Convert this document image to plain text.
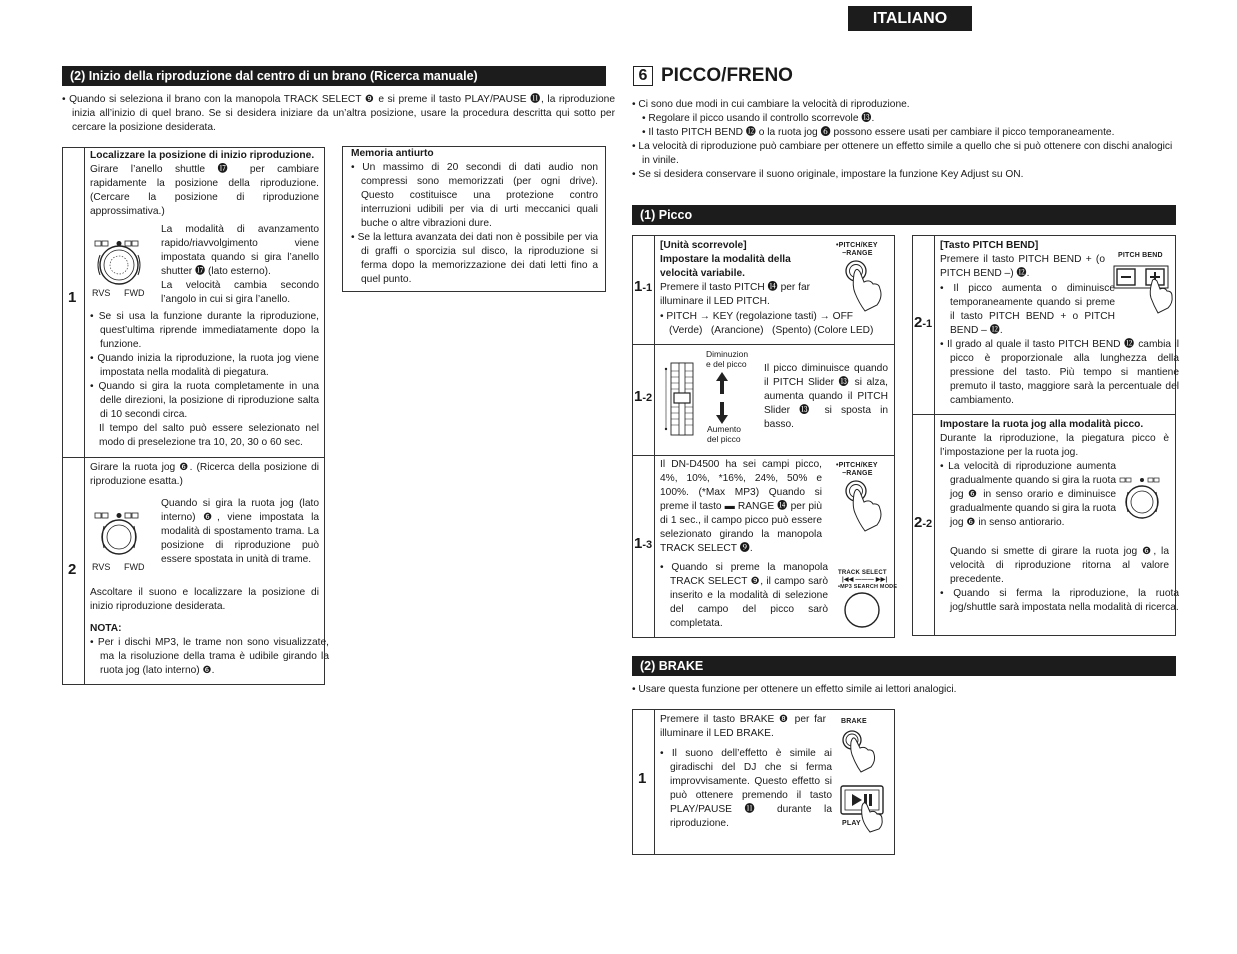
ITALIANO
(2) Inizio della riproduzione dal centro di un brano (Ricerca manuale)

• Quando si seleziona il brano con la manopola TRACK SELECT ❾ e si preme il tasto PLAY/PAUSE ⓫, la riproduzione inizia all’inizio di quel brano. Se si desidera iniziare da un’altra posizione, usare la procedura descritta qui sotto per cercare la posizione desiderata.

1

Localizzare la posizione di inizio riproduzione.

Girare l’anello shuttle ⓱ per cambiare rapidamente la posizione della riproduzione. (Cercare la posizione di riproduzione approssimativa.)

RVS FWD

La modalità di avanzamento rapido/riavvolgimento viene impostata quando si gira l’anello shutter ⓱ (lato esterno).

La velocità cambia secondo l’angolo in cui si gira l’anello.

• Se si usa la funzione durante la riproduzione, quest’ultima riprende immediatamente dopo la funzione.

• Quando inizia la riproduzione, la ruota jog viene impostata nella modalità di piegatura.

• Quando si gira la ruota completamente in una delle direzioni, la posizione di riproduzione salta di 10 secondi circa.

Il tempo del salto può essere selezionato nel modo di preselezione tra 10, 20, 30 o 60 sec.

2

Girare la ruota jog ❻. (Ricerca della posizione di riproduzione esatta.)

RVS FWD

Quando si gira la ruota jog (lato interno) ❻, viene impostata la modalità di spostamento trama. La posizione di riproduzione può essere spostata in unità di trame.

Ascoltare il suono e localizzare la posizione di inizio riproduzione desiderata.

NOTA:

• Per i dischi MP3, le trame non sono visualizzate, ma la risoluzione della trama è udibile girando la ruota jog (lato interno) ❻.

Memoria antiurto

• Un massimo di 20 secondi di dati audio non compressi sono memorizzati (per ogni drive). Questo costituisce una protezione contro interruzioni udibili per via di urti meccanici quali buche o altre vibrazioni dure.

• Se la lettura avanzata dei dati non è possibile per via di graffi o sporcizia sul disco, la riproduzione si ferma dopo la memorizzazione dei dati letti fino a quel punto.

6 PICCO/FRENO

• Ci sono due modi in cui cambiare la velocità di riproduzione.

• Regolare il picco usando il controllo scorrevole ⓭.

• Il tasto PITCH BEND ⓬ o la ruota jog ❻ possono essere usati per cambiare il picco temporaneamente.

• La velocità di riproduzione può cambiare per ottenere un effetto simile a quello che si può ottenere con dischi analogici in vinile.

• Se si desidera conservare il suono originale, impostare la funzione Key Adjust su ON.

(1) Picco
1-1

[Unità scorrevole]

Impostare la modalità della velocità variabile.

Premere il tasto PITCH ⓮ per far illuminare il LED PITCH.

• PITCH → KEY (regolazione tasti) → OFF

(Verde)   (Arancione)   (Spento) (Colore LED)

•PITCH/KEY
−RANGE
1-2
Diminuzion
e del picco
Aumento
del picco

Il picco diminuisce quando il PITCH Slider ⓭ si alza, aumenta quando il PITCH Slider ⓭ si sposta in basso.

1-3

Il DN-D4500 ha sei campi picco, 4%, 10%, *16%, 24%, 50% e 100%. (*Max MP3) Quando si preme il tasto ▬ RANGE ⓮ per più di 1 sec., il campo picco può essere selezionato girando la manopola TRACK SELECT ❾.

• Quando si preme la manopola TRACK SELECT ❾, il campo sarò inserito e la modalità di selezione del campo del picco sarò completata.

•PITCH/KEY
−RANGE
TRACK SELECT
|◀◀ ——— ▶▶|
•MP3 SEARCH MODE
2-1

[Tasto PITCH BEND]

Premere il tasto PITCH BEND + (o PITCH BEND –) ⓬.

• Il picco aumenta o diminuisce temporaneamente quando si preme il tasto PITCH BEND + o PITCH BEND – ⓬.

• Il grado al quale il tasto PITCH BEND ⓬ cambia il picco è proporzionale alla lunghezza della pressione del tasto. Più tempo si mantiene premuto il tasto, maggiore sarà la percentuale del cambiamento.

PITCH BEND
2-2

Impostare la ruota jog alla modalità picco.

Durante la riproduzione, la piegatura picco è l’impostazione per la ruota jog.

• La velocità di riproduzione aumenta gradualmente quando si gira la ruota jog ❻ in senso orario e diminuisce gradualmente quando si gira la ruota jog ❻ in senso antiorario.

Quando si smette di girare la ruota jog ❻, la velocità di riproduzione ritorna al valore precedente.

• Quando si ferma la riproduzione, la ruota jog/shuttle sarà impostata nella modalità di ricerca.

(2) BRAKE

• Usare questa funzione per ottenere un effetto simile ai lettori analogici.

1

Premere il tasto BRAKE ❽ per far illuminare il LED BRAKE.

• Il suono dell’effetto è simile ai giradischi del DJ che si ferma improvvisamente. Questo effetto si può ottenere premendo il tasto PLAY/PAUSE ⓫ durante la riproduzione.

BRAKE
PLAY
